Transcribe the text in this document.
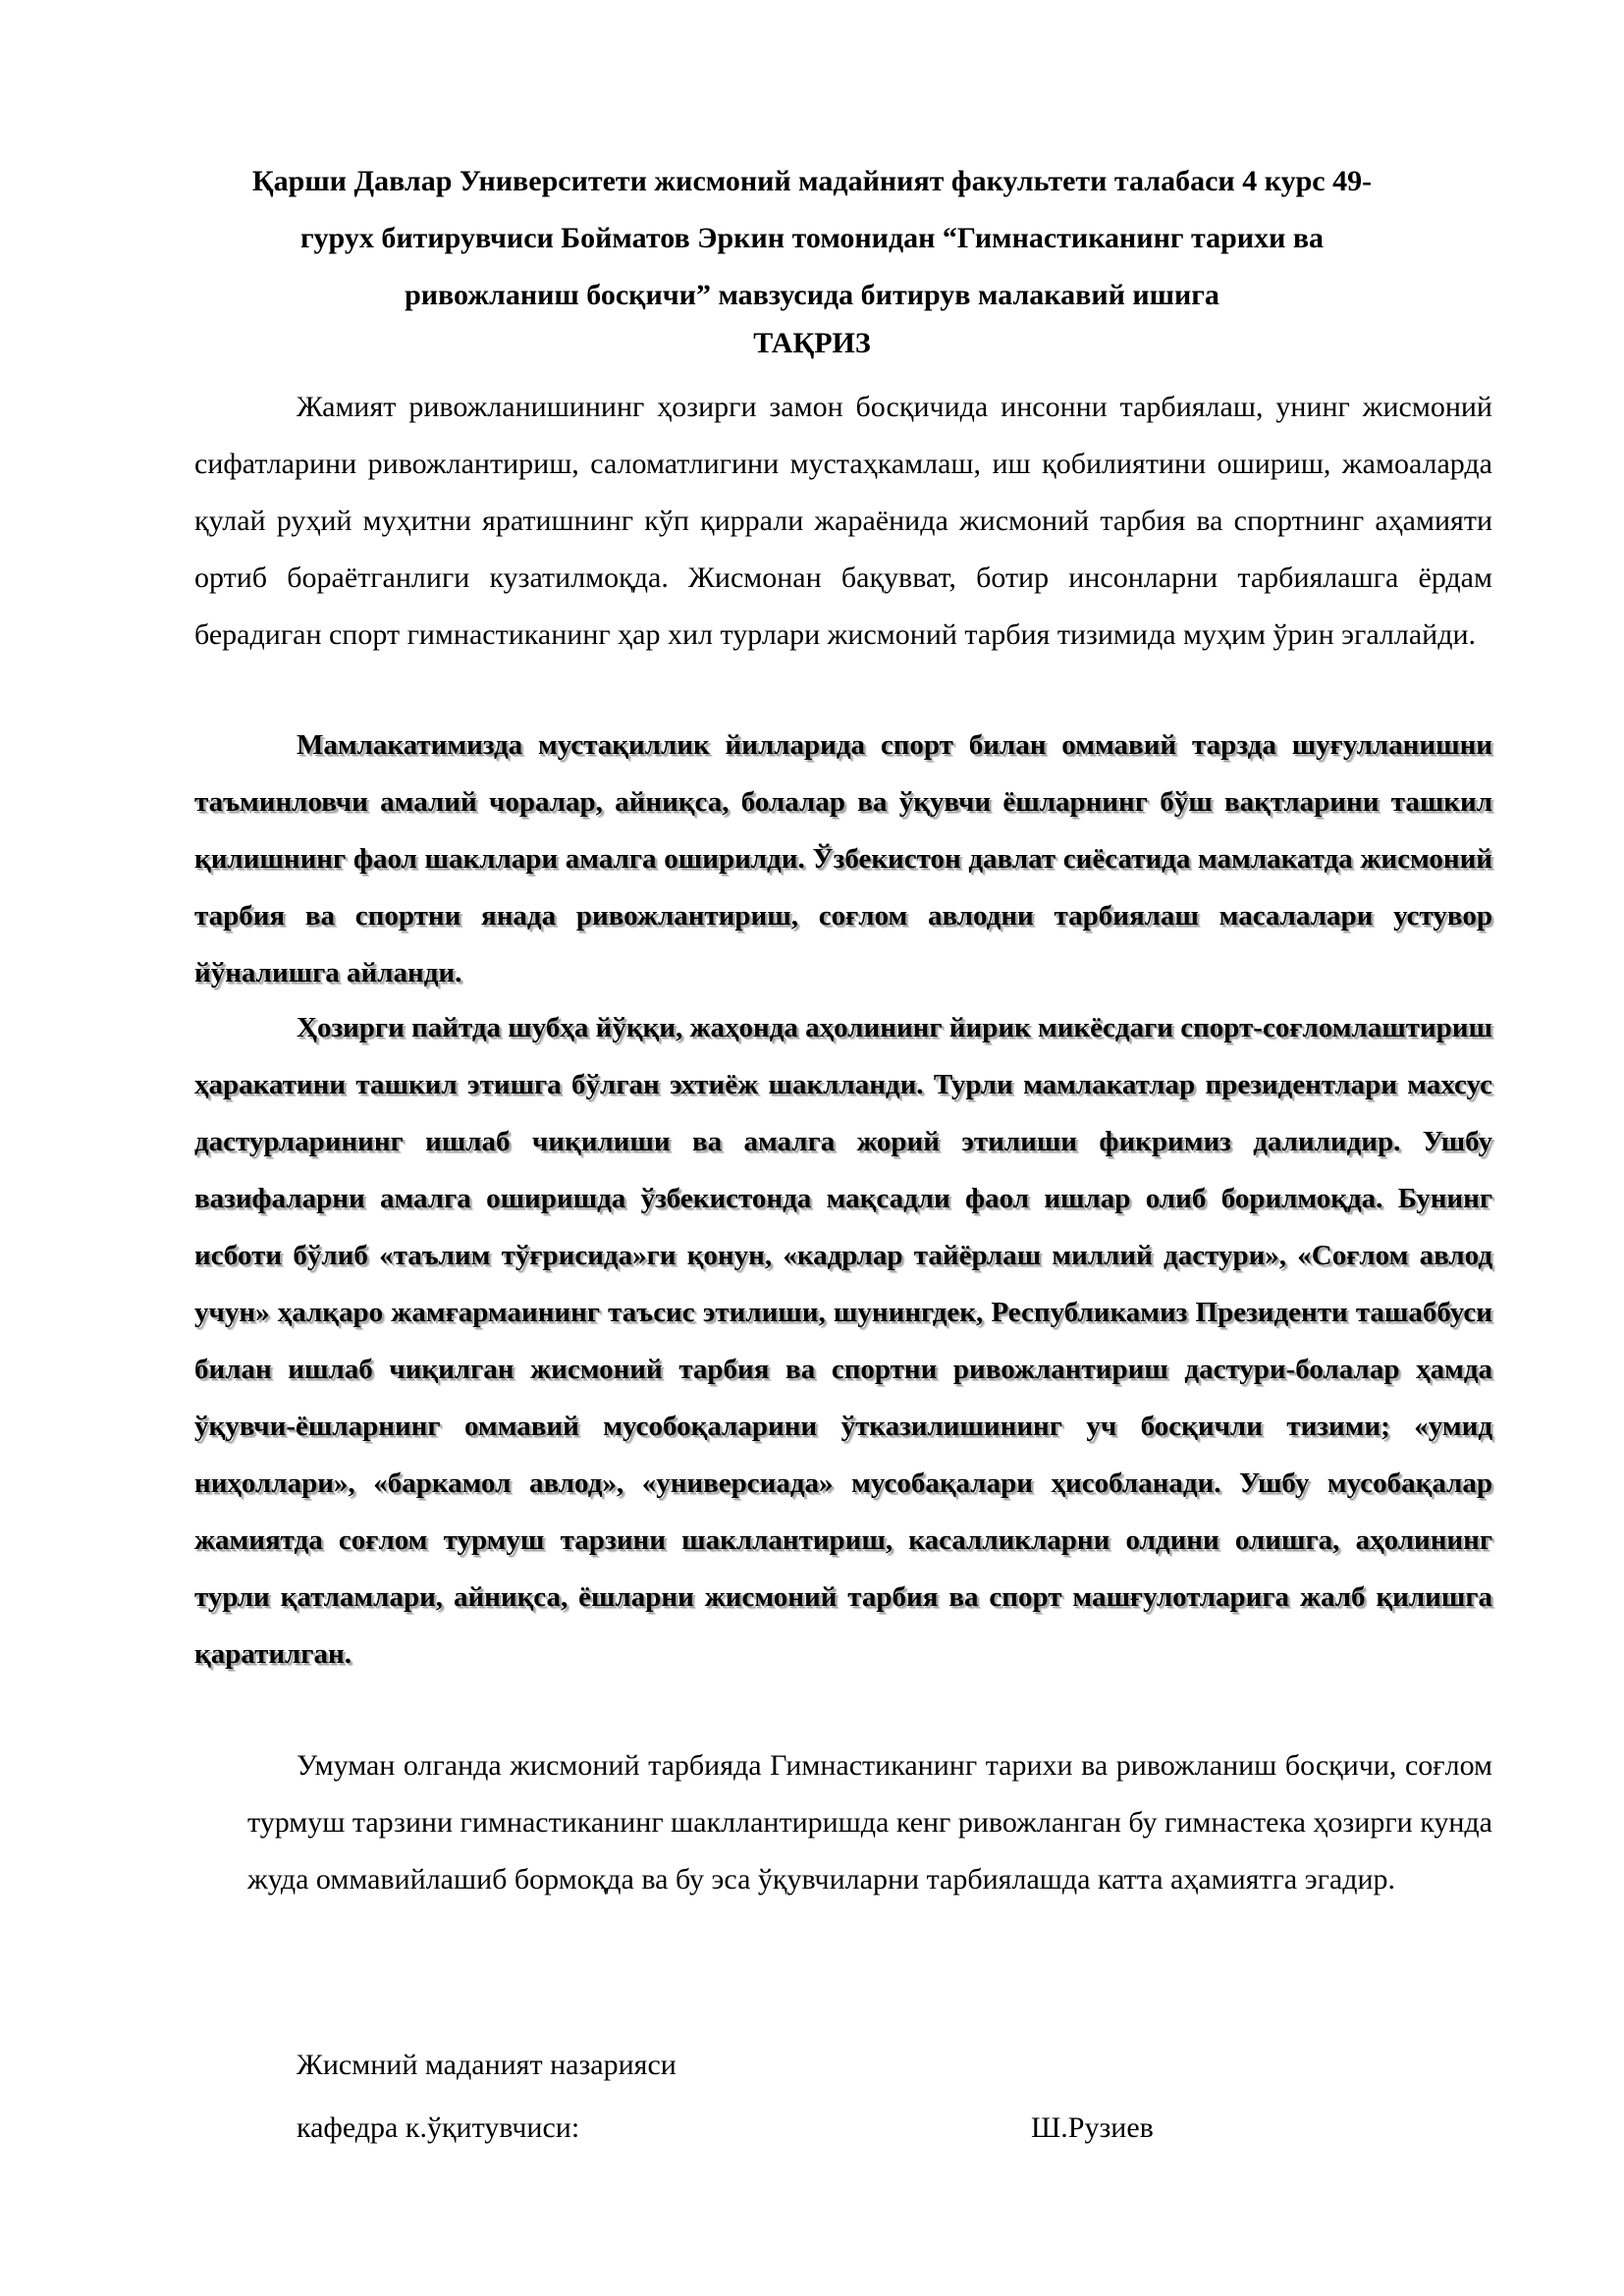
Қарши Давлар Университети жисмоний мадайният факультети талабаси 4 курс 49-
гурух битирувчиси Бойматов Эркин томонидан “Гимнастиканинг тарихи ва
ривожланиш босқичи” мавзусида битирув малакавий ишига
ТАҚРИЗ
Жамият ривожланишининг ҳозирги замон босқичида инсонни тарбиялаш, унинг жисмоний сифатларини ривожлантириш, саломатлигини мустаҳкамлаш, иш қобилиятини ошириш, жамоаларда қулай руҳий муҳитни яратишнинг кўп қиррали жараёнида жисмоний тарбия ва спортнинг аҳамияти ортиб бораётганлиги кузатилмоқда. Жисмонан бақувват, ботир инсонларни тарбиялашга ёрдам берадиган спорт гимнастиканинг ҳар хил турлари жисмоний тарбия тизимида муҳим ўрин эгаллайди.
Мамлакатимизда мустақиллик йилларида спорт билан оммавий тарзда шуғулланишни таъминловчи амалий чоралар, айниқса, болалар ва ўқувчи ёшларнинг бўш вақтларини ташкил қилишнинг фаол шакллари амалга оширилди. Ўзбекистон давлат сиёсатида мамлакатда жисмоний тарбия ва спортни янада ривожлантириш, соғлом авлодни тарбиялаш масалалари устувор йўналишга айланди.
Ҳозирги пайтда шубҳа йўққи, жаҳонда аҳолининг йирик микёсдаги спорт-соғломлаштириш ҳаракатини ташкил этишга бўлган эхтиёж шаклланди. Турли мамлакатлар президентлари махсус дастурларининг ишлаб чиқилиши ва амалга жорий этилиши фикримиз далилидир. Ушбу вазифаларни амалга оширишда ўзбекистонда мақсадли фаол ишлар олиб борилмоқда. Бунинг исботи бўлиб «таълим тўғрисида»ги қонун, «кадрлар тайёрлаш миллий дастури», «Соғлом авлод учун» ҳалқаро жамғармаининг таъсис этилиши, шунингдек, Республикамиз Президенти ташаббуси билан ишлаб чиқилган жисмоний тарбия ва спортни ривожлантириш дастури-болалар ҳамда ўқувчи-ёшларнинг оммавий мусобоқаларини ўтказилишининг уч босқичли тизими; «умид ниҳоллари», «баркамол авлод», «универсиада» мусобақалари ҳисобланади. Ушбу мусобақалар жамиятда соғлом турмуш тарзини шакллантириш, касалликларни олдини олишга, аҳолининг турли қатламлари, айниқса, ёшларни жисмоний тарбия ва спорт машғулотларига жалб қилишга қаратилган.
Умуман олганда жисмоний тарбияда Гимнастиканинг тарихи ва ривожланиш босқичи, соғлом турмуш тарзини гимнастиканинг шакллантиришда кенг ривожланган бу гимнастека ҳозирги кунда жуда оммавийлашиб бормоқда ва бу эса ўқувчиларни тарбиялашда катта аҳамиятга эгадир.
Жисмний маданият назарияси
кафедра к.ўқитувчиси:	Ш.Рузиев
